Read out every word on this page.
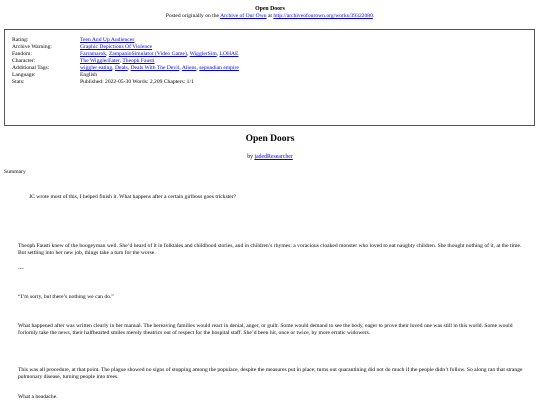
Open Doors
Posted originally on the Archive of Our Own at http://archiveofourown.org/works/39322080.
Rating:	Teen And Up Audiences
Archive Warning:	Graphic Depictions Of Violence
Fandom:	Farramarok, ZampanioSimulator (Video Game), WigglerSim, LOHAE
Character:	The WigglerEater, Theoph Fausti
Additional Tags:	wiggler eating, Deals, Deals With The Devil, Aliens, sepundian empire
Language:	English
Stats:	Published: 2022-05-30 Words: 2,209 Chapters: 1/1
Open Doors
by jadedResearcher
Summary
JC wrote most of this, I helped finish it. What happens after a certain girlboss goes trickster?
Theoph Fausti knew of the boogeyman well. She’d heard of it in folktales and childhood stories, and in children’s rhymes: a voracious cloaked monster who loved to eat naughty children. She thought nothing of it, at the time. But settling into her new job, things take a turn for the worse.
---
“I’m sorry, but there’s nothing we can do.”
What happened after was written clearly in her manual. The bereaving families would react in denial, anger, or guilt. Some would demand to see the body, eager to prove their loved one was still in this world. Some would forlornly take the news, their halfhearted smiles merely theatrics out of respect for the hospital staff. She’d been hit, once or twice, by more erratic widowers.
This was all procedure, at that point. The plague showed no signs of stopping among the populace, despite the measures put in place; turns out quarantining did not do much if the people didn’t follow. So along ran that strange pulmonary disease, turning people into trees.
What a headache.
